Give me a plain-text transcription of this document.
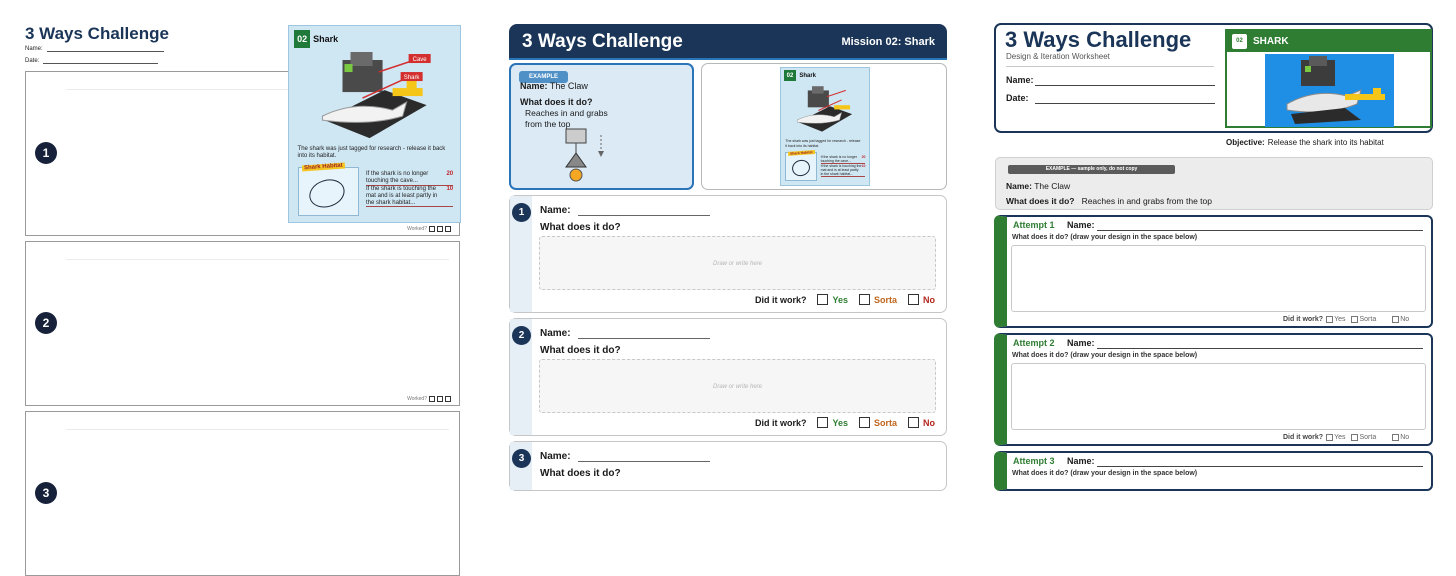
3 Ways Challenge
Name:
Date:
1
Worked?
2
Worked?
3
02 Shark
Cave
Shark
The shark was just tagged for research - release it back into its habitat.
Shark Habitat
If the shark is no longer touching the cave...
20
If the shark is touching the mat and is at least partly in the shark habitat...
10
3 Ways Challenge	Mission 02: Shark
EXAMPLE
Name: The Claw
What does it do?
Reaches in and grabs from the top
02	Shark
The shark was just tagged for research - release it back into its habitat.
Shark Habitat
If the shark is no longer touching the cave...
20
If the shark is touching the mat and is at least partly in the shark habitat...
10
1	Name:
What does it do?
Draw or write here
Did it work?	Yes	Sorta	No
2	Name:
What does it do?
Draw or write here
Did it work?	Yes	Sorta	No
3	Name:
What does it do?
3 Ways Challenge
Design & Iteration Worksheet
Name:
Date:
02	SHARK
Objective: Release the shark into its habitat
EXAMPLE — sample only, do not copy
Name: The Claw
What does it do? Reaches in and grabs from the top
Attempt 1 Name:
What does it do? (draw your design in the space below)
Did it work? Yes Sorta	No
Attempt 2 Name:
What does it do? (draw your design in the space below)
Did it work? Yes Sorta	No
Attempt 3 Name:
What does it do? (draw your design in the space below)
